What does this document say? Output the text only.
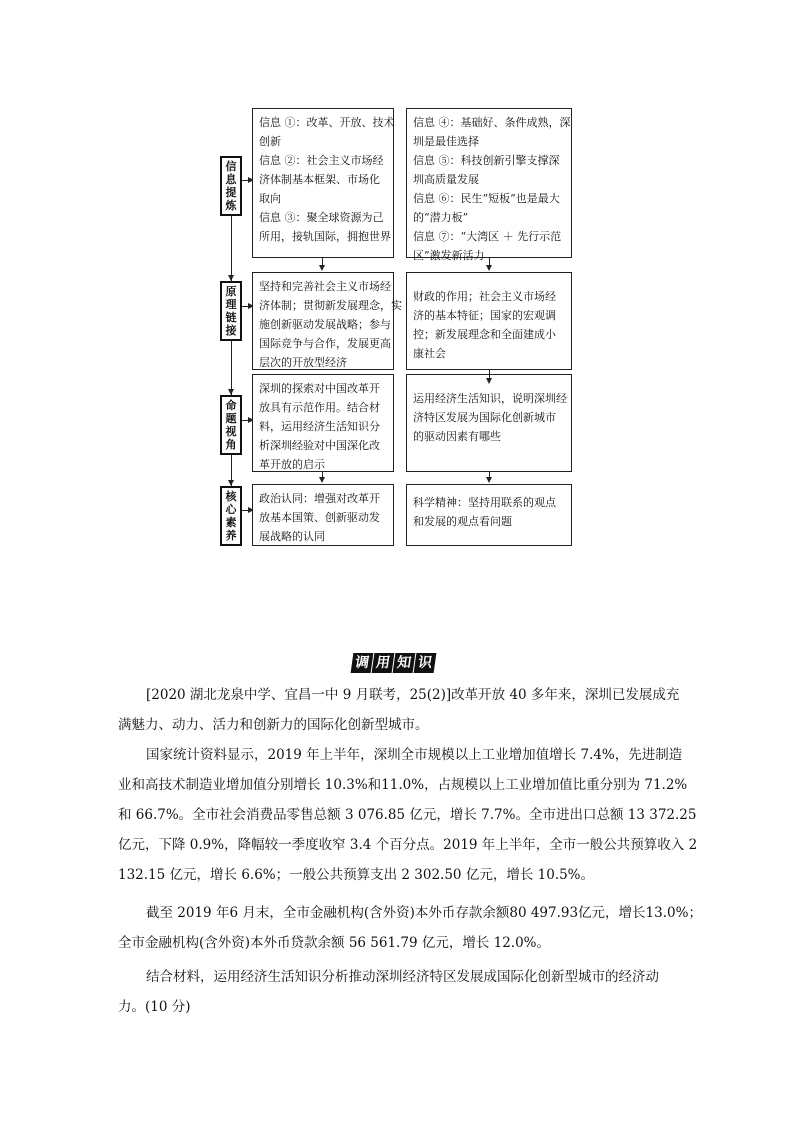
信
息
提
炼
原
理
链
接
命
题
视
角
核
心
素
养
信息 ①：改革、开放、技术
创新
信息 ②：社会主义市场经
济体制基本框架、市场化
取向
信息 ③：聚全球资源为己
所用，接轨国际，拥抱世界
坚持和完善社会主义市场经
济体制；贯彻新发展理念，实
施创新驱动发展战略；参与
国际竞争与合作，发展更高
层次的开放型经济
深圳的探索对中国改革开
放具有示范作用。结合材
料，运用经济生活知识分
析深圳经验对中国深化改
革开放的启示
政治认同：增强对改革开
放基本国策、创新驱动发
展战略的认同
信息 ④：基础好、条件成熟，深
圳是最佳选择
信息 ⑤：科技创新引擎支撑深
圳高质量发展
信息 ⑥：民生“短板”也是最大
的“潜力板”
信息 ⑦：“大湾区 ＋ 先行示范
区”激发新活力
财政的作用；社会主义市场经
济的基本特征；国家的宏观调
控；新发展理念和全面建成小
康社会
运用经济生活知识，说明深圳经
济特区发展为国际化创新城市
的驱动因素有哪些
科学精神：坚持用联系的观点
和发展的观点看问题
调 用 知 识
[2020 湖北龙泉中学、宜昌一中 9 月联考，25(2)]改革开放 40 多年来，深圳已发展成充
满魅力、动力、活力和创新力的国际化创新型城市。
国家统计资料显示，2019 年上半年，深圳全市规模以上工业增加值增长 7.4%，先进制造
业和高技术制造业增加值分别增长 10.3%和11.0%，占规模以上工业增加值比重分别为 71.2%
和 66.7%。全市社会消费品零售总额 3 076.85 亿元，增长 7.7%。全市进出口总额 13 372.25
亿元，下降 0.9%，降幅较一季度收窄 3.4 个百分点。2019 年上半年，全市一般公共预算收入 2
132.15 亿元，增长 6.6%；一般公共预算支出 2 302.50 亿元，增长 10.5%。
截至 2019 年6 月末，全市金融机构(含外资)本外币存款余额80 497.93亿元，增长13.0%；
全市金融机构(含外资)本外币贷款余额 56 561.79 亿元，增长 12.0%。
结合材料，运用经济生活知识分析推动深圳经济特区发展成国际化创新型城市的经济动
力。(10 分)
